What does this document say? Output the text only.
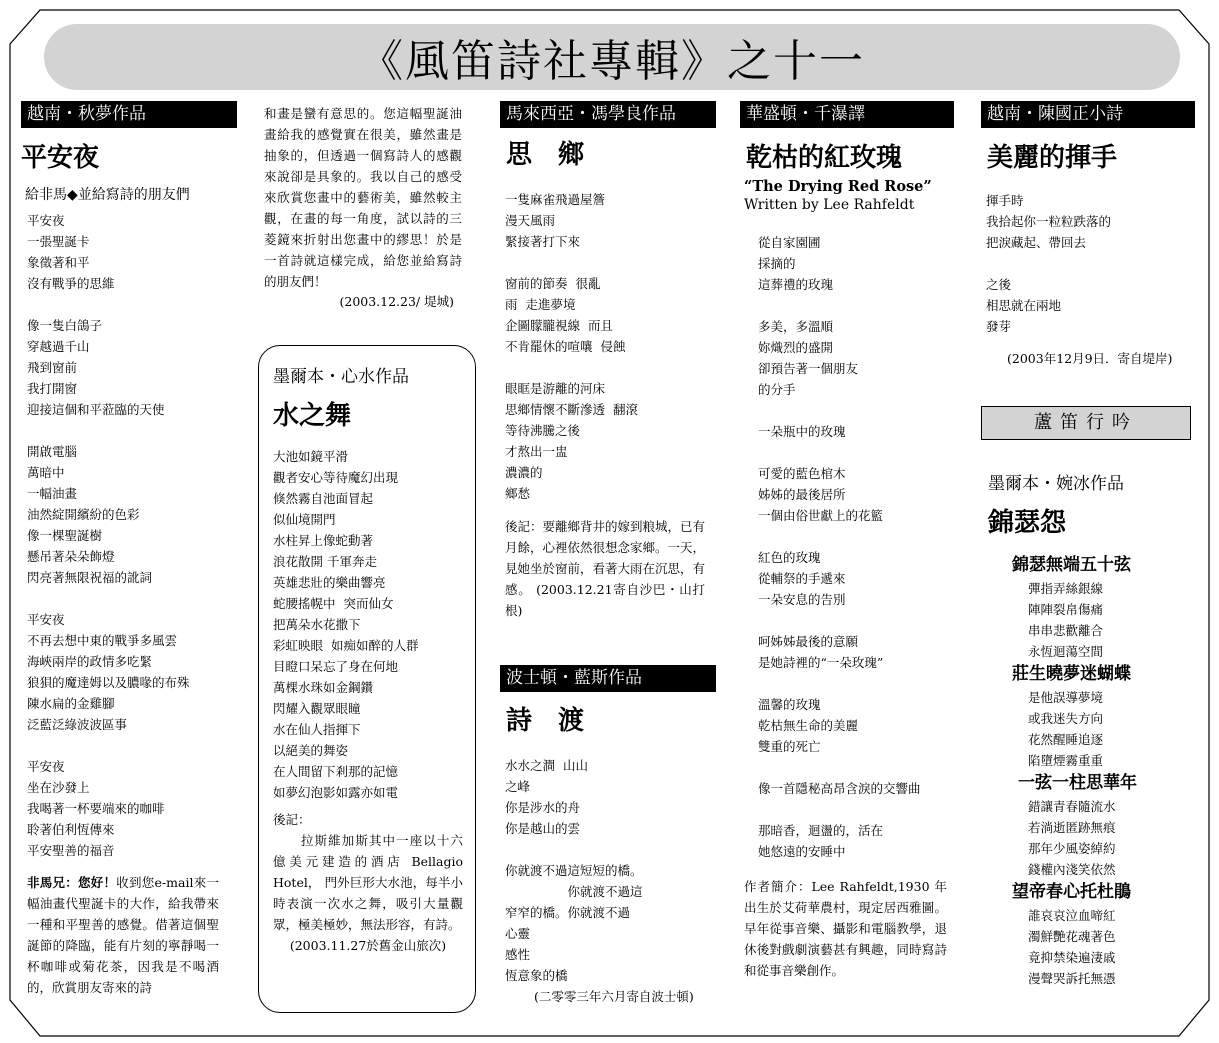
《風笛詩社專輯》之十一
越南・秋夢作品
平安夜
給非馬◆並給寫詩的朋友們
平安夜
一張聖誕卡
象徵著和平
沒有戰爭的思維
像一隻白鴿子
穿越過千山
飛到窗前
我打開窗
迎接這個和平蒞臨的天使
開啟電腦
萬暗中
一幅油畫
油然綻開繽紛的色彩
像一棵聖誕樹
懸吊著朵朵飾燈
閃亮著無限祝福的訛詞
平安夜
不再去想中東的戰爭多風雲
海峽兩岸的政情多吃緊
狼狽的魔達姆以及膿喙的布殊
陳水扁的金雞腳
泛藍泛綠波波區事
平安夜
坐在沙發上
我喝著一杯要端來的咖啡
聆著伯利恆傳來
平安聖善的福音
非馬兄：您好！收到您e-mail來一幅油畫代聖誕卡的大作，給我帶來一種和平聖善的感覺。借著這個聖誕節的降臨，能有片刻的寧靜喝一杯咖啡或菊花茶，因我是不喝酒的，欣賞朋友寄來的詩
和畫是蠻有意思的。您這幅聖誕油畫給我的感覺實在很美，雖然畫是抽象的，但透過一個寫詩人的感觀來說卻是具象的。我以自己的感受來欣賞您畫中的藝術美，雖然較主觀，在畫的每一角度，試以詩的三菱鏡來折射出您畫中的繆思！於是一首詩就這樣完成，給您並給寫詩的朋友們！
(2003.12.23/ 堤城)
墨爾本・心水作品
水之舞
大池如鏡平滑
觀者安心等待魔幻出現
倏然霧自池面冒起
似仙境開門
水柱昇上像蛇動著
浪花散開 千軍奔走
英雄悲壯的樂曲響亮
蛇腰搖幌中  突而仙女
把萬朵水花撒下
彩虹映眼  如痴如醉的人群
目瞪口呆忘了身在何地
萬棵水珠如金鋼鑽
閃耀入觀眾眼瞳
水在仙人指揮下
以絕美的舞姿
在人間留下剎那的記憶
如夢幻泡影如露亦如電
後記：
拉斯維加斯其中一座以十六億美元建造的酒店 Bellagio Hotel， 門外巨形大水池，每半小時表演一次水之舞，吸引大量觀眾，極美極妙，無法形容，有詩。
(2003.11.27於舊金山旅次)
馬來西亞・馮學良作品
思　鄉
一隻麻雀飛過屋簷
漫天風雨
緊接著打下來
窗前的節奏  很亂
雨  走進夢境
企圖朦朧視線  而且
不肯罷休的喧嚷  侵蝕
眼眶是游離的河床
思鄉情懷不斷滲透  翻滾
等待沸騰之後
才熬出一盅
濃濃的
鄉愁
後記：要離鄉背井的嫁到粮城，已有月餘，心裡依然很想念家鄉。一天，見她坐於窗前，看著大雨在沉思，有感。 (2003.12.21寄自沙巴・山打根)
波士頓・藍斯作品
詩　渡
水水之澗  山山
之峰
你是涉水的舟
你是越山的雲
你就渡不過這短短的橋。
　　　　　你就渡不過這
窄窄的橋。你就渡不過
心靈
感性
恆意象的橋
(二零零三年六月寄自波士頓)
華盛頓・千瀑譯
乾枯的紅玫瑰
“The Drying Red Rose”
Written by Lee Rahfeldt
從自家園圃
採摘的
這葬禮的玫瑰
多美，多溫順
妳熾烈的盛開
卻預告著一個朋友
的分手
一朵瓶中的玫瑰
可愛的藍色棺木
姊姊的最後居所
一個由俗世獻上的花籃
紅色的玫瑰
從輔祭的手遞來
一朵安息的告別
呵姊姊最後的意願
是她詩裡的“一朵玫瑰”
溫馨的玫瑰
乾枯無生命的美麗
雙重的死亡
像一首隱秘高昂含淚的交響曲
那暗香，迴盪的，活在
她悠遠的安睡中
作者簡介：Lee Rahfeldt,1930 年出生於艾荷華農村，現定居西雅圖。早年從事音樂、攝影和電腦教學，退休後對戲劇演藝甚有興趣，同時寫詩和從事音樂創作。
越南・陳國正小詩
美麗的揮手
揮手時
我拾起你一粒粒跌落的
把淚藏起、帶回去
之後
相思就在兩地
發芽
(2003年12月9日．寄自堤岸)
蘆笛行吟
墨爾本・婉冰作品
錦瑟怨
錦瑟無端五十弦
彈指弄絲銀線
陣陣裂帛傷痛
串串悲歡離合
永恆迴蕩空間
莊生曉夢迷蝴蝶
是他誤導夢境
或我迷失方向
花然醒睡追逐
陷墮煙霧重重
一弦一柱思華年
錯讓青春隨流水
若淌逝匿跡無痕
那年少風姿綽約
錢權內淺笑依然
望帝春心托杜鵑
誰哀哀泣血啼紅
濁鮮艷花魂著色
竟抑禁染遍淒戚
漫聲哭訴托無憑
